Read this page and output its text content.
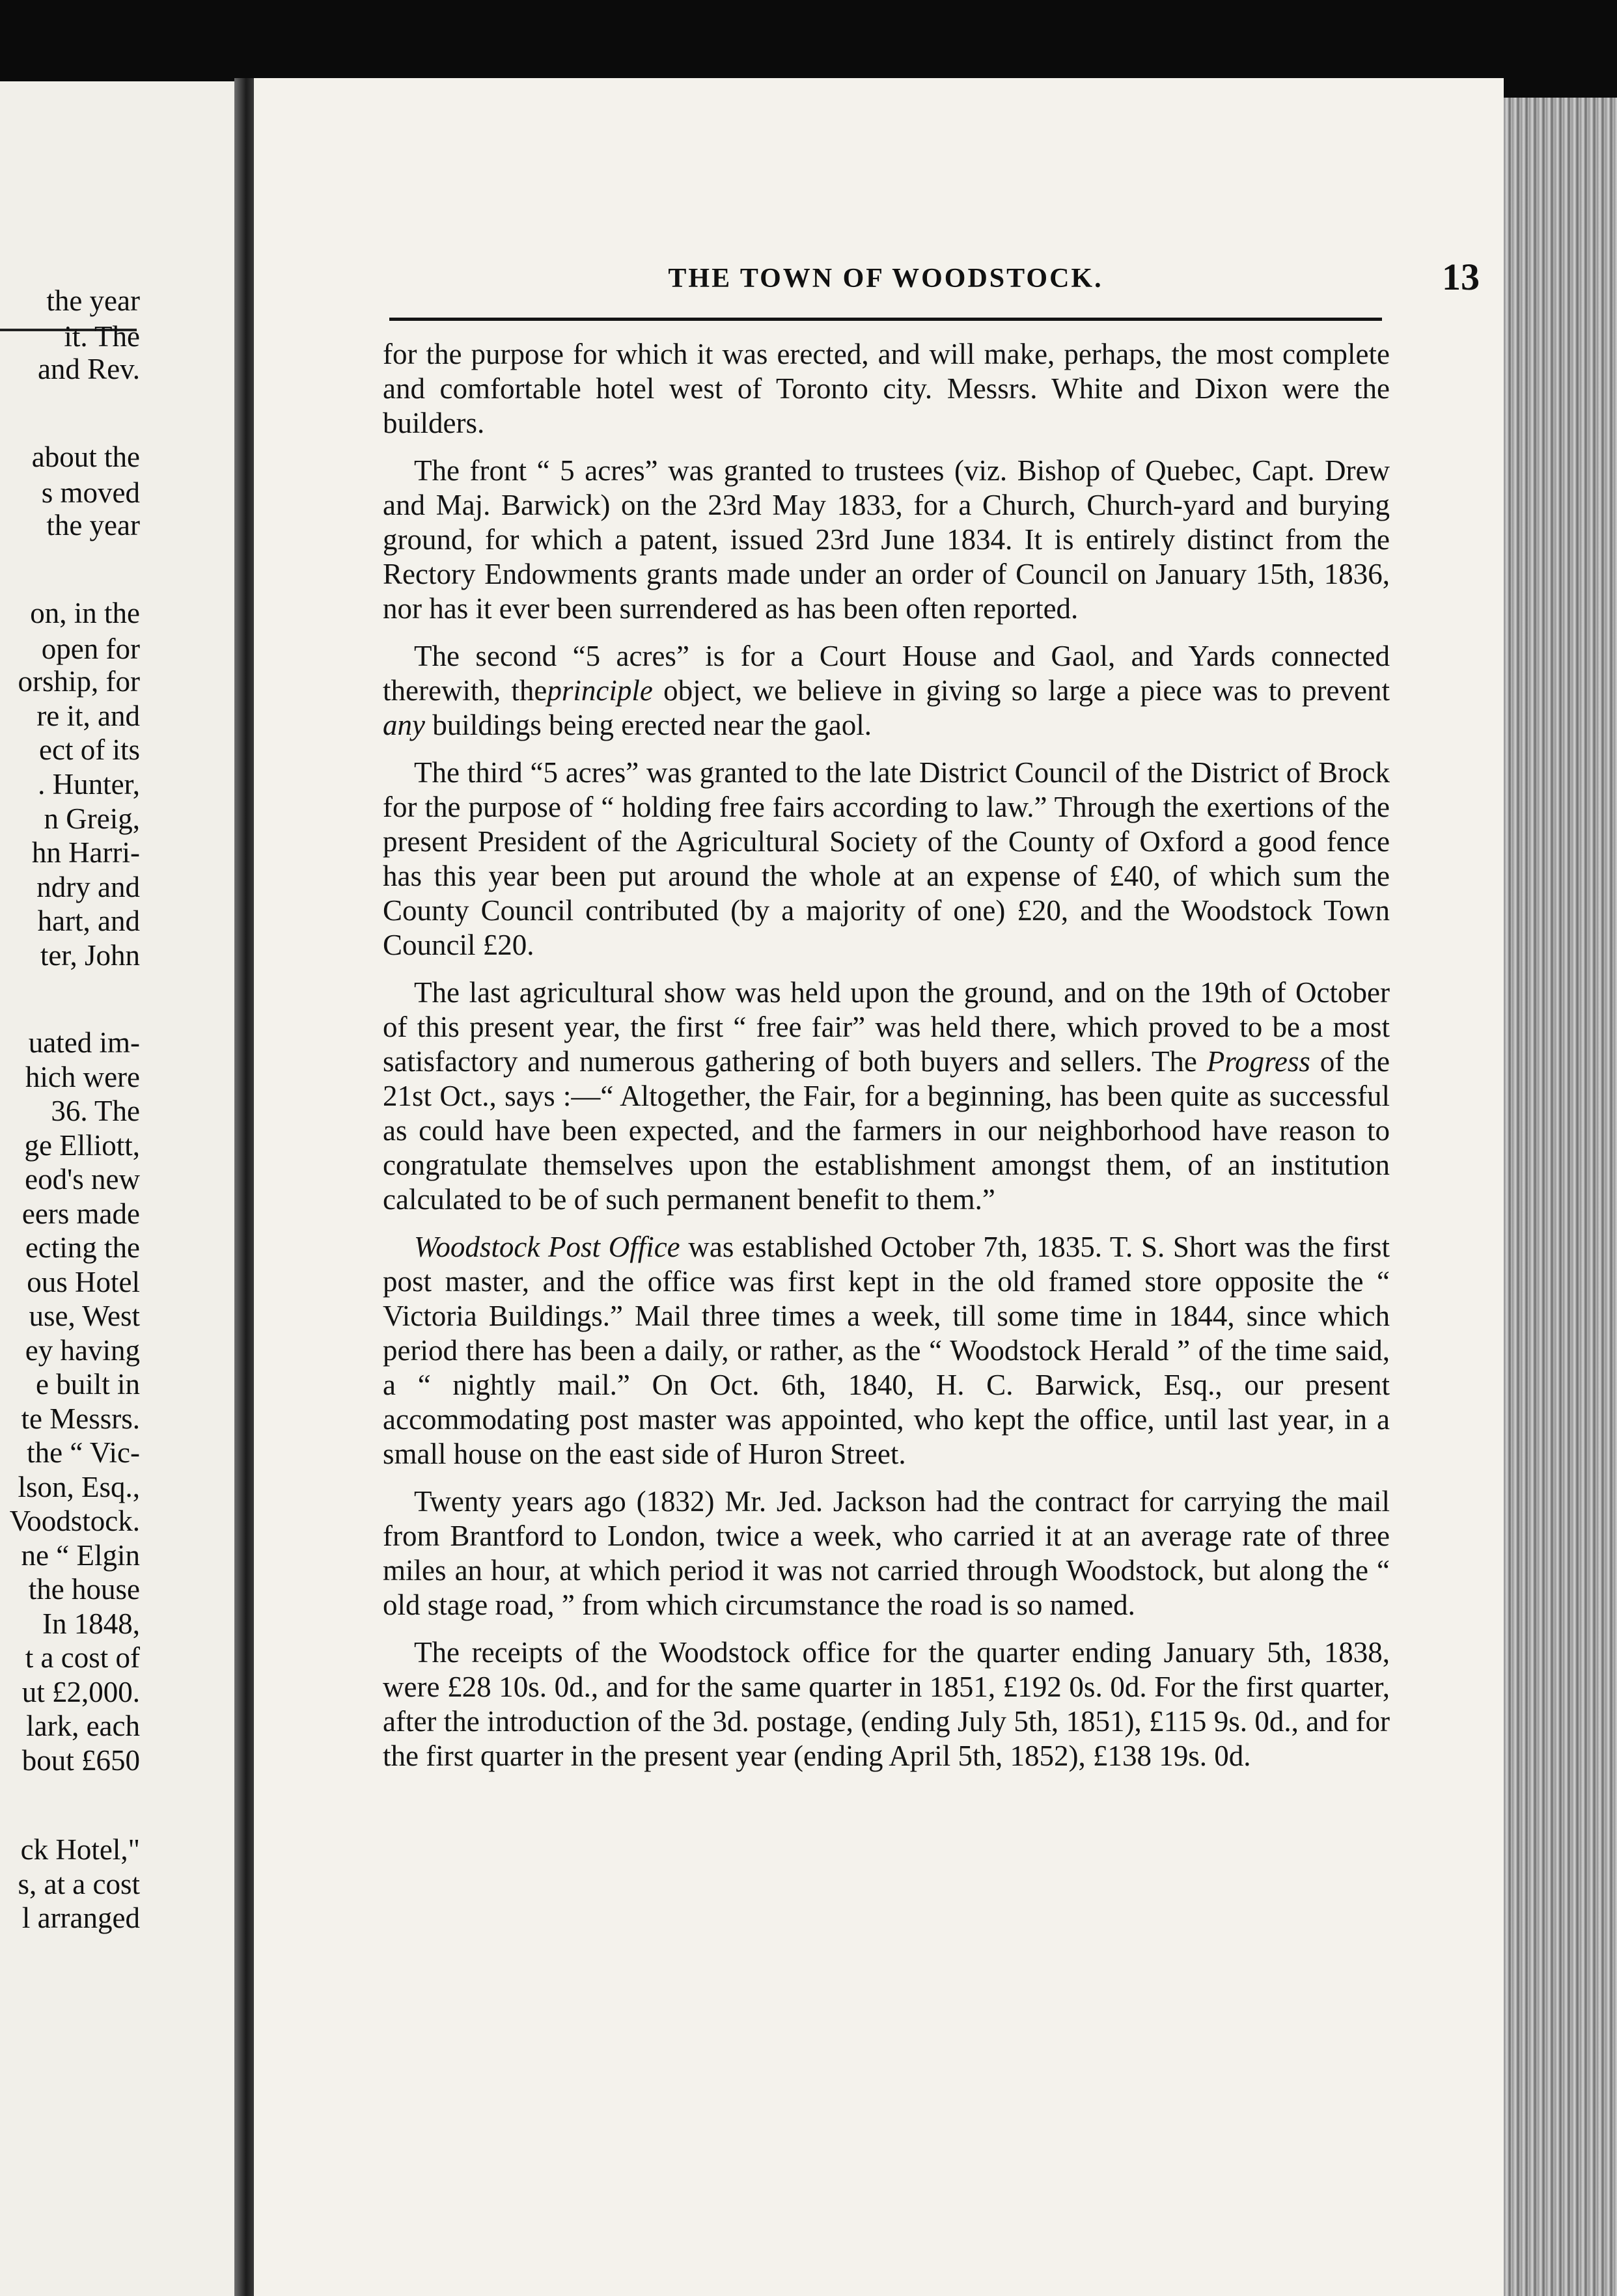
the year
it. The
and Rev.
about the
s moved
the year
on, in the
open for
orship, for
re it, and
ect of its
. Hunter,
n Greig,
hn Harri-
ndry and
hart, and
ter, John
uated im-
hich were
36. The
ge Elliott,
eod's new
eers made
ecting the
ous Hotel
use, West
ey having
e built in
te Messrs.
the “ Vic-
lson, Esq.,
Voodstock.
ne “ Elgin
the house
In 1848,
t a cost of
ut £2,000.
lark, each
bout £650
ck Hotel,"
s, at a cost
l arranged
THE TOWN OF WOODSTOCK.	13

for the purpose for which it was erected, and will make, perhaps, the most complete and comfortable hotel west of Toronto city. Messrs. White and Dixon were the builders.

The front “ 5 acres” was granted to trustees (viz. Bishop of Quebec, Capt. Drew and Maj. Barwick) on the 23rd May 1833, for a Church, Church-yard and burying ground, for which a patent, issued 23rd June 1834. It is entirely distinct from the Rectory Endowments grants made under an order of Council on January 15th, 1836, nor has it ever been surrendered as has been often reported.

The second “5 acres” is for a Court House and Gaol, and Yards connected therewith, theprinciple object, we believe in giving so large a piece was to prevent any buildings being erected near the gaol.

The third “5 acres” was granted to the late District Council of the District of Brock for the purpose of “ holding free fairs according to law.” Through the exertions of the present President of the Agricultural Society of the County of Oxford a good fence has this year been put around the whole at an expense of £40, of which sum the County Council contributed (by a majority of one) £20, and the Woodstock Town Council £20.

The last agricultural show was held upon the ground, and on the 19th of October of this present year, the first “ free fair” was held there, which proved to be a most satisfactory and numerous gathering of both buyers and sellers. The Progress of the 21st Oct., says :—“ Altogether, the Fair, for a beginning, has been quite as successful as could have been expected, and the farmers in our neighborhood have reason to congratulate themselves upon the establishment amongst them, of an institution calculated to be of such permanent benefit to them.”

Woodstock Post Office was established October 7th, 1835. T. S. Short was the first post master, and the office was first kept in the old framed store opposite the “ Victoria Buildings.” Mail three times a week, till some time in 1844, since which period there has been a daily, or rather, as the “ Woodstock Herald ” of the time said, a “ nightly mail.” On Oct. 6th, 1840, H. C. Barwick, Esq., our present accommodating post master was appointed, who kept the office, until last year, in a small house on the east side of Huron Street.

Twenty years ago (1832) Mr. Jed. Jackson had the contract for carrying the mail from Brantford to London, twice a week, who carried it at an average rate of three miles an hour, at which period it was not carried through Woodstock, but along the “ old stage road, ” from which circumstance the road is so named.

The receipts of the Woodstock office for the quarter ending January 5th, 1838, were £28 10s. 0d., and for the same quarter in 1851, £192 0s. 0d. For the first quarter, after the introduction of the 3d. postage, (ending July 5th, 1851), £115 9s. 0d., and for the first quarter in the present year (ending April 5th, 1852), £138 19s. 0d.
